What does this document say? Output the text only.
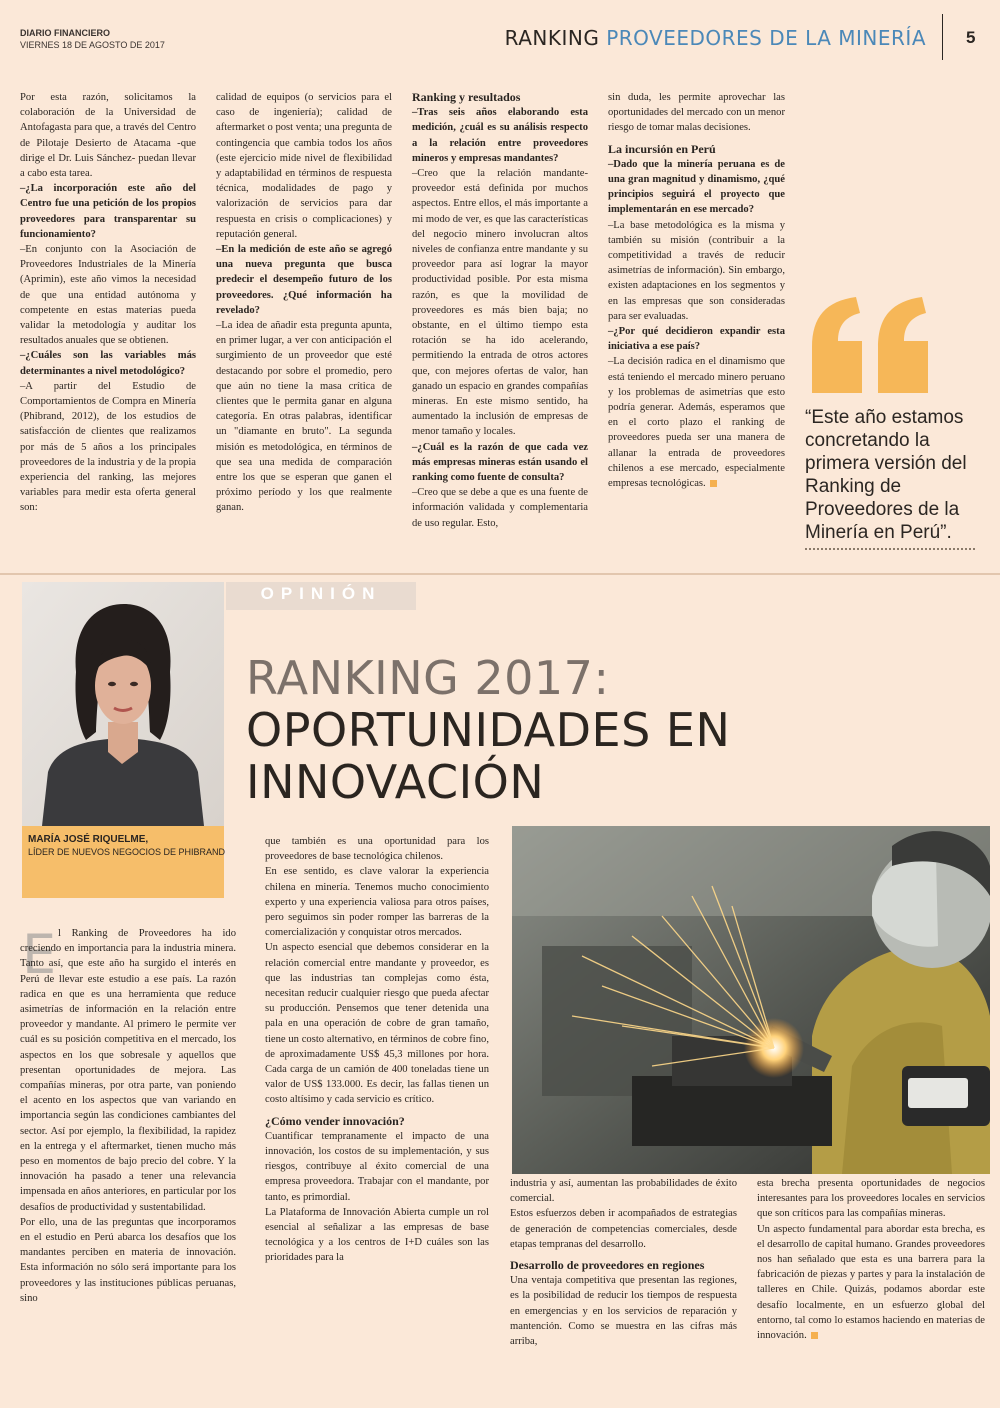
DIARIO FINANCIERO
VIERNES 18 DE AGOSTO DE 2017	RANKING PROVEEDORES DE LA MINERÍA 5

Por esta razón, solicitamos la colaboración de la Universidad de Antofagasta para que, a través del Centro de Pilotaje Desierto de Atacama -que dirige el Dr. Luis Sánchez- puedan llevar a cabo esta tarea.

–¿La incorporación este año del Centro fue una petición de los propios proveedores para transparentar su funcionamiento?

–En conjunto con la Asociación de Proveedores Industriales de la Minería (Aprimin), este año vimos la necesidad de que una entidad autónoma y competente en estas materias pueda validar la metodología y auditar los resultados anuales que se obtienen.

–¿Cuáles son las variables más determinantes a nivel metodológico?

–A partir del Estudio de Comportamientos de Compra en Minería (Phibrand, 2012), de los estudios de satisfacción de clientes que realizamos por más de 5 años a los principales proveedores de la industria y de la propia experiencia del ranking, las mejores variables para medir esta oferta general son:

calidad de equipos (o servicios para el caso de ingeniería); calidad de aftermarket o post venta; una pregunta de contingencia que cambia todos los años (este ejercicio mide nivel de flexibilidad y adaptabilidad en términos de respuesta técnica, modalidades de pago y valorización de servicios para dar respuesta en crisis o complicaciones) y reputación general.

–En la medición de este año se agregó una nueva pregunta que busca predecir el desempeño futuro de los proveedores. ¿Qué información ha revelado?

–La idea de añadir esta pregunta apunta, en primer lugar, a ver con anticipación el surgimiento de un proveedor que esté destacando por sobre el promedio, pero que aún no tiene la masa crítica de clientes que le permita ganar en alguna categoría. En otras palabras, identificar un "diamante en bruto". La segunda misión es metodológica, en términos de que sea una medida de comparación entre los que se esperan que ganen el próximo período y los que realmente ganan.

Ranking y resultados

–Tras seis años elaborando esta medición, ¿cuál es su análisis respecto a la relación entre proveedores mineros y empresas mandantes?

–Creo que la relación mandante-proveedor está definida por muchos aspectos. Entre ellos, el más importante a mi modo de ver, es que las características del negocio minero involucran altos niveles de confianza entre mandante y su proveedor para así lograr la mayor productividad posible. Por esta misma razón, es que la movilidad de proveedores es más bien baja; no obstante, en el último tiempo esta rotación se ha ido acelerando, permitiendo la entrada de otros actores que, con mejores ofertas de valor, han ganado un espacio en grandes compañías mineras. En este mismo sentido, ha aumentado la inclusión de empresas de menor tamaño y locales.

–¿Cuál es la razón de que cada vez más empresas mineras están usando el ranking como fuente de consulta?

–Creo que se debe a que es una fuente de información validada y complementaria de uso regular. Esto,

sin duda, les permite aprovechar las oportunidades del mercado con un menor riesgo de tomar malas decisiones.

La incursión en Perú

–Dado que la minería peruana es de una gran magnitud y dinamismo, ¿qué principios seguirá el proyecto que implementarán en ese mercado?

–La base metodológica es la misma y también su misión (contribuir a la competitividad a través de reducir asimetrías de información). Sin embargo, existen adaptaciones en los segmentos y en las empresas que son consideradas para ser evaluadas.

–¿Por qué decidieron expandir esta iniciativa a ese país?

–La decisión radica en el dinamismo que está teniendo el mercado minero peruano y los problemas de asimetrías que esto podría generar. Además, esperamos que en el corto plazo el ranking de proveedores pueda ser una manera de allanar la entrada de proveedores chilenos a ese mercado, especialmente empresas tecnológicas.

“Este año estamos concretando la primera versión del Ranking de Proveedores de la Minería en Perú”.
MARÍA JOSÉ RIQUELME,
LÍDER DE NUEVOS NEGOCIOS DE PHIBRAND
OPINIÓN
RANKING 2017:
OPORTUNIDADES EN
INNOVACIÓN
E l Ranking de Proveedores ha ido creciendo en importancia para la industria minera. Tanto así, que este año ha surgido el interés en Perú de llevar este estudio a ese país. La razón radica en que es una herramienta que reduce asimetrías de información en la relación entre proveedor y mandante. Al primero le permite ver cuál es su posición competitiva en el mercado, los aspectos en los que sobresale y aquellos que presentan oportunidades de mejora. Las compañías mineras, por otra parte, van poniendo el acento en los aspectos que van variando en importancia según las condiciones cambiantes del sector. Así por ejemplo, la flexibilidad, la rapidez en la entrega y el aftermarket, tienen mucho más peso en momentos de bajo precio del cobre. Y la innovación ha pasado a tener una relevancia impensada en años anteriores, en particular por los desafíos de productividad y sustentabilidad.

Por ello, una de las preguntas que incorporamos en el estudio en Perú abarca los desafíos que los mandantes perciben en materia de innovación. Esta información no sólo será importante para los proveedores y las instituciones públicas peruanas, sino

que también es una oportunidad para los proveedores de base tecnológica chilenos.

En ese sentido, es clave valorar la experiencia chilena en minería. Tenemos mucho conocimiento experto y una experiencia valiosa para otros países, pero seguimos sin poder romper las barreras de la comercialización y conquistar otros mercados.

Un aspecto esencial que debemos considerar en la relación comercial entre mandante y proveedor, es que las industrias tan complejas como ésta, necesitan reducir cualquier riesgo que pueda afectar su producción. Pensemos que tener detenida una pala en una operación de cobre de gran tamaño, tiene un costo alternativo, en términos de cobre fino, de aproximadamente US$ 45,3 millones por hora. Cada carga de un camión de 400 toneladas tiene un valor de US$ 133.000. Es decir, las fallas tienen un costo altísimo y cada servicio es crítico.

¿Cómo vender innovación?

Cuantificar tempranamente el impacto de una innovación, los costos de su implementación, y sus riesgos, contribuye al éxito comercial de una empresa proveedora. Trabajar con el mandante, por tanto, es primordial.

La Plataforma de Innovación Abierta cumple un rol esencial al señalizar a las empresas de base tecnológica y a los centros de I+D cuáles son las prioridades para la

industria y así, aumentan las probabilidades de éxito comercial.

Estos esfuerzos deben ir acompañados de estrategias de generación de competencias comerciales, desde etapas tempranas del desarrollo.

Desarrollo de proveedores en regiones

Una ventaja competitiva que presentan las regiones, es la posibilidad de reducir los tiempos de respuesta en emergencias y en los servicios de reparación y mantención. Como se muestra en las cifras más arriba,

esta brecha presenta oportunidades de negocios interesantes para los proveedores locales en servicios que son críticos para las compañías mineras.

Un aspecto fundamental para abordar esta brecha, es el desarrollo de capital humano. Grandes proveedores nos han señalado que esta es una barrera para la fabricación de piezas y partes y para la instalación de talleres en Chile. Quizás, podamos abordar este desafío localmente, en un esfuerzo global del entorno, tal como lo estamos haciendo en materias de innovación.
